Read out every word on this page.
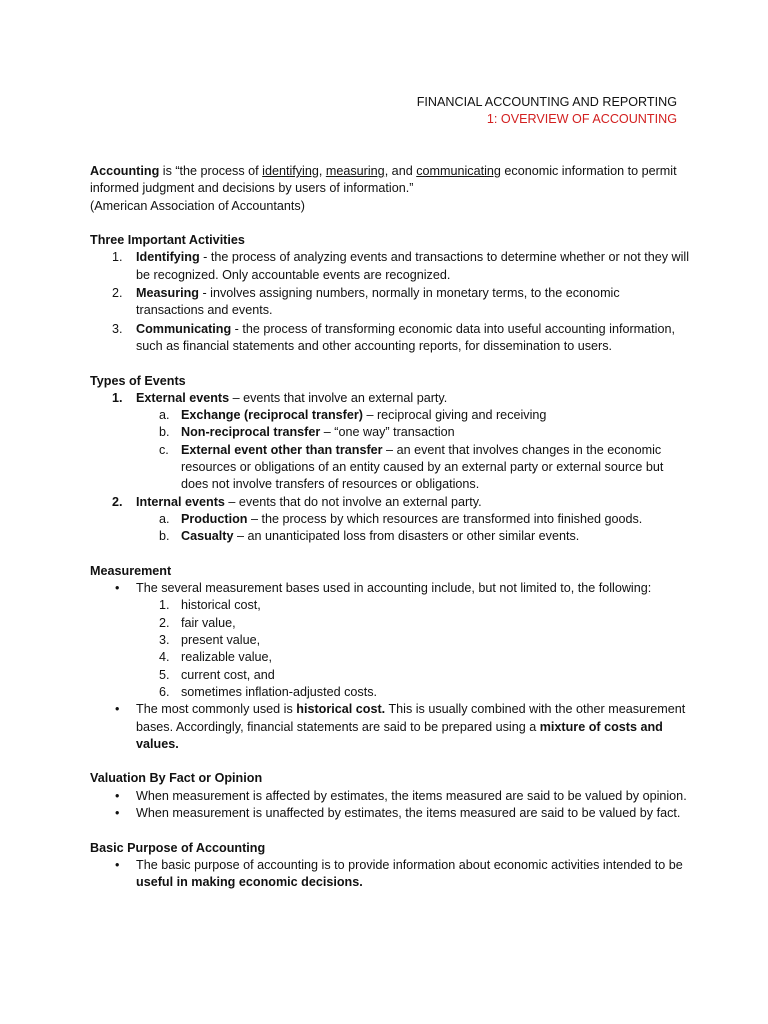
FINANCIAL ACCOUNTING AND REPORTING
1: OVERVIEW OF ACCOUNTING

Accounting is “the process of identifying, measuring, and communicating economic information to permit informed judgment and decisions by users of information.”

(American Association of Accountants)

Three Important Activities

1.	Identifying - the process of analyzing events and transactions to determine whether or not they will be recognized. Only accountable events are recognized.
2.	Measuring - involves assigning numbers, normally in monetary terms, to the economic transactions and events.
3.	Communicating - the process of transforming economic data into useful accounting information, such as financial statements and other accounting reports, for dissemination to users.

Types of Events

1.	External events – events that involve an external party.
a. Exchange (reciprocal transfer) – reciprocal giving and receiving
b. Non-reciprocal transfer – “one way” transaction
c. External event other than transfer – an event that involves changes in the economic resources or obligations of an entity caused by an external party or external source but does not involve transfers of resources or obligations.
2.	Internal events – events that do not involve an external party.
a. Production – the process by which resources are transformed into finished goods.
b. Casualty – an unanticipated loss from disasters or other similar events.

Measurement

• The several measurement bases used in accounting include, but not limited to, the following:
1. historical cost,
2. fair value,
3. present value,
4. realizable value,
5. current cost, and
6. sometimes inflation-adjusted costs.
• The most commonly used is historical cost. This is usually combined with the other measurement bases. Accordingly, financial statements are said to be prepared using a mixture of costs and values.

Valuation By Fact or Opinion

• When measurement is affected by estimates, the items measured are said to be valued by opinion.
• When measurement is unaffected by estimates, the items measured are said to be valued by fact.

Basic Purpose of Accounting

• The basic purpose of accounting is to provide information about economic activities intended to be useful in making economic decisions.
